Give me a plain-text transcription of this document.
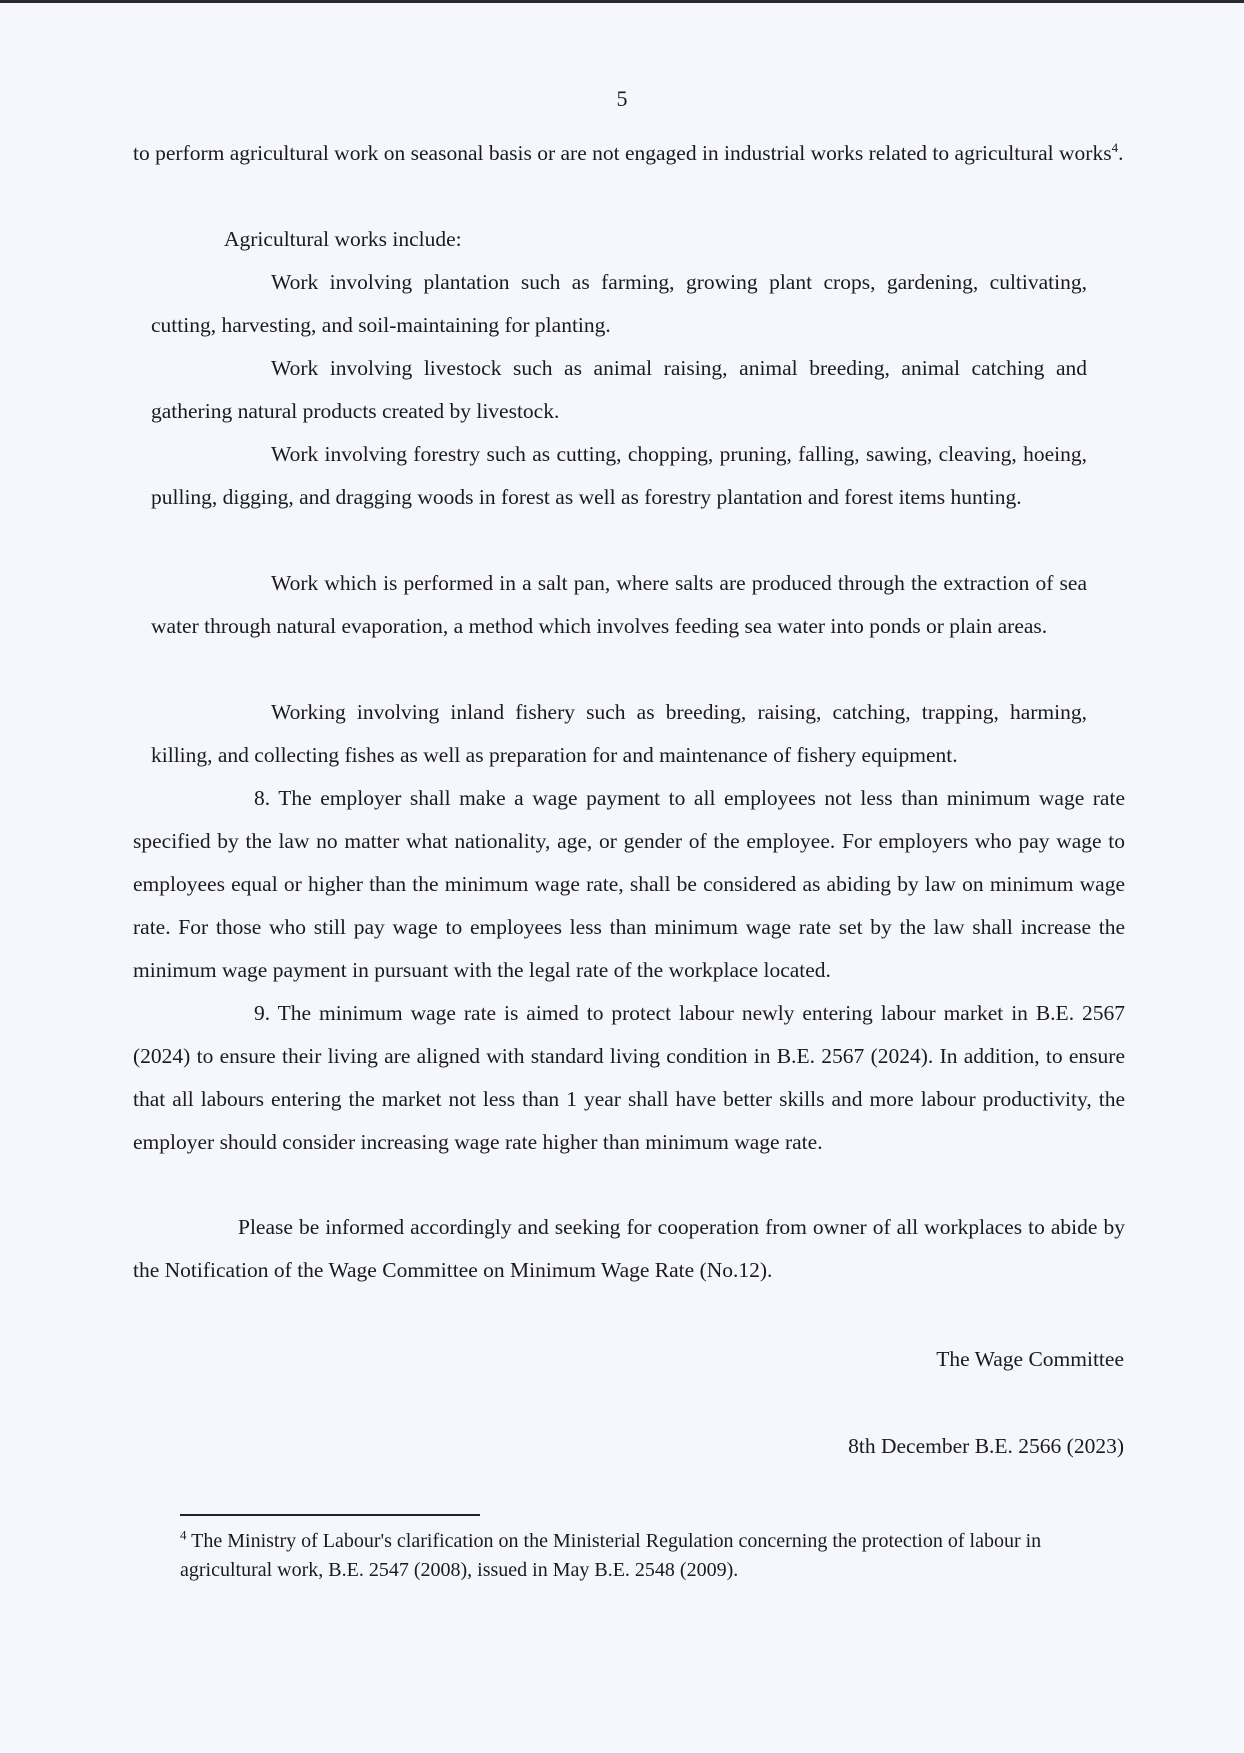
5

to perform agricultural work on seasonal basis or are not engaged in industrial works related to agricultural works$^4$.

Agricultural works include:

Work involving plantation such as farming, growing plant crops, gardening, cultivating, cutting, harvesting, and soil-maintaining for planting.

Work involving livestock such as animal raising, animal breeding, animal catching and gathering natural products created by livestock.

Work involving forestry such as cutting, chopping, pruning, falling, sawing, cleaving, hoeing, pulling, digging, and dragging woods in forest as well as forestry plantation and forest items hunting.

Work which is performed in a salt pan, where salts are produced through the extraction of sea water through natural evaporation, a method which involves feeding sea water into ponds or plain areas.

Working involving inland fishery such as breeding, raising, catching, trapping, harming, killing, and collecting fishes as well as preparation for and maintenance of fishery equipment.

8. The employer shall make a wage payment to all employees not less than minimum wage rate specified by the law no matter what nationality, age, or gender of the employee. For employers who pay wage to employees equal or higher than the minimum wage rate, shall be considered as abiding by law on minimum wage rate. For those who still pay wage to employees less than minimum wage rate set by the law shall increase the minimum wage payment in pursuant with the legal rate of the workplace located.

9. The minimum wage rate is aimed to protect labour newly entering labour market in B.E. 2567 (2024) to ensure their living are aligned with standard living condition in B.E. 2567 (2024). In addition, to ensure that all labours entering the market not less than 1 year shall have better skills and more labour productivity, the employer should consider increasing wage rate higher than minimum wage rate.

Please be informed accordingly and seeking for cooperation from owner of all workplaces to abide by the Notification of the Wage Committee on Minimum Wage Rate (No.12).

The Wage Committee
8th December B.E. 2566 (2023)

$^4$ The Ministry of Labour's clarification on the Ministerial Regulation concerning the protection of labour in agricultural work, B.E. 2547 (2008), issued in May B.E. 2548 (2009).
